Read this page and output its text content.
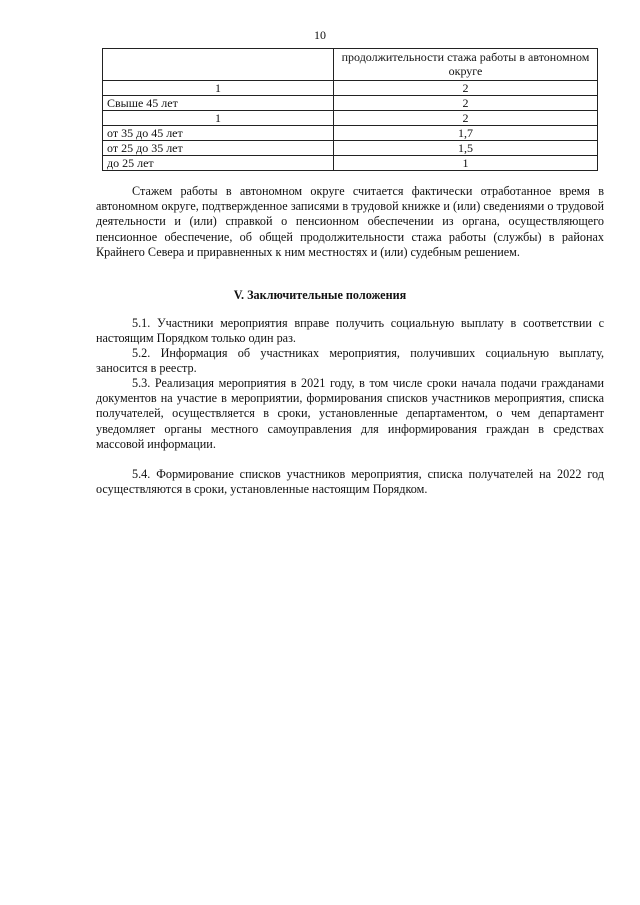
10
	продолжительности стажа работы в автономном округе
1	2
Свыше 45 лет	2
1	2
от 35 до 45 лет	1,7
от 25 до 35 лет	1,5
до 25 лет	1

Стажем работы в автономном округе считается фактически отработанное время в автономном округе, подтвержденное записями в трудовой книжке и (или) сведениями о трудовой деятельности и (или) справкой о пенсионном обеспечении из органа, осуществляющего пенсионное обеспечение, об общей продолжительности стажа работы (службы) в районах Крайнего Севера и приравненных к ним местностях и (или) судебным решением.

V. Заключительные положения

5.1. Участники мероприятия вправе получить социальную выплату в соответствии с настоящим Порядком только один раз.

5.2. Информация об участниках мероприятия, получивших социальную выплату, заносится в реестр.

5.3. Реализация мероприятия в 2021 году, в том числе сроки начала подачи гражданами документов на участие в мероприятии, формирования списков участников мероприятия, списка получателей, осуществляется в сроки, установленные департаментом, о чем департамент уведомляет органы местного самоуправления для информирования граждан в средствах массовой информации.

5.4. Формирование списков участников мероприятия, списка получателей на 2022 год осуществляются в сроки, установленные настоящим Порядком.
